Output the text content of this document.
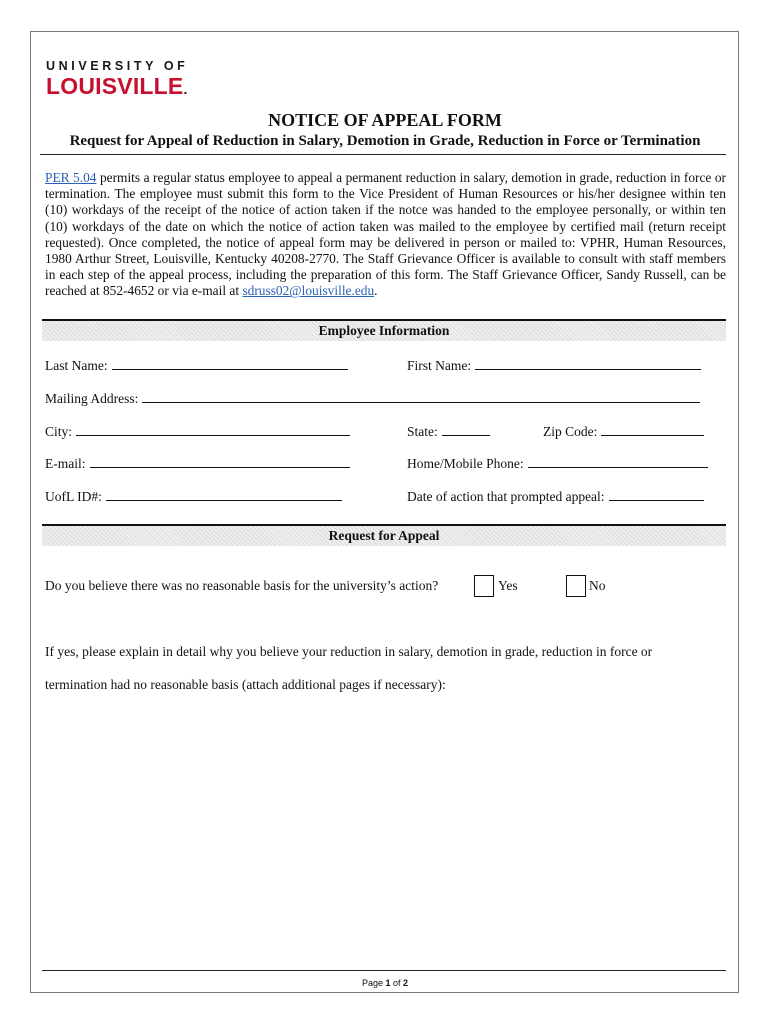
UNIVERSITY OF
LOUISVILLE.
NOTICE OF APPEAL FORM
Request for Appeal of Reduction in Salary, Demotion in Grade, Reduction in Force or Termination
PER 5.04 permits a regular status employee to appeal a permanent reduction in salary, demotion in grade, reduction in force or termination. The employee must submit this form to the Vice President of Human Resources or his/her designee within ten (10) workdays of the receipt of the notice of action taken if the notce was handed to the employee personally, or within ten (10) workdays of the date on which the notice of action taken was mailed to the employee by certified mail (return receipt requested). Once completed, the notice of appeal form may be delivered in person or mailed to: VPHR, Human Resources, 1980 Arthur Street, Louisville, Kentucky 40208-2770. The Staff Grievance Officer is available to consult with staff members in each step of the appeal process, including the preparation of this form. The Staff Grievance Officer, Sandy Russell, can be reached at 852-4652 or via e-mail at sdruss02@louisville.edu.
Employee Information
Last Name:	First Name:
Mailing Address:
City:	State:	Zip Code:
E-mail:	Home/Mobile Phone:
UofL ID#:	Date of action that prompted appeal:
Request for Appeal
Do you believe there was no reasonable basis for the university’s action?	Yes	No
If yes, please explain in detail why you believe your reduction in salary, demotion in grade, reduction in force or
termination had no reasonable basis (attach additional pages if necessary):
Page 1 of 2
